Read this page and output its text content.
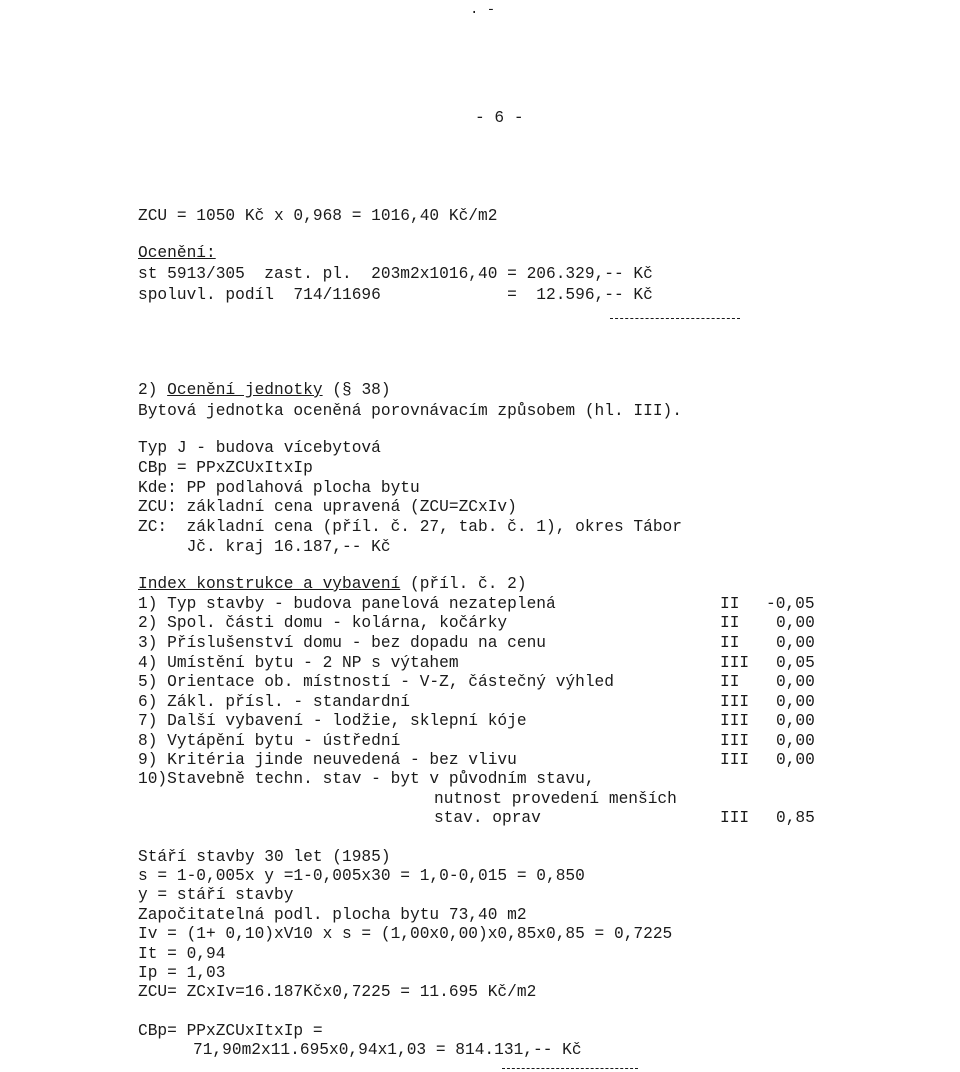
. -
- 6 -
ZCU = 1050 Kč x 0,968 = 1016,40 Kč/m2
Ocenění:
st 5913/305  zast. pl.  203m2x1016,40 = 206.329,-- Kč
spoluvl. podíl  714/11696             =  12.596,-- Kč
2) Ocenění jednotky (§ 38)
Bytová jednotka oceněná porovnávacím způsobem (hl. III).
Typ J - budova vícebytová
CBp = PPxZCUxItxIp
Kde: PP podlahová plocha bytu
ZCU: základní cena upravená (ZCU=ZCxIv)
ZC:  základní cena (příl. č. 27, tab. č. 1), okres Tábor
Jč. kraj 16.187,-- Kč
Index konstrukce a vybavení (příl. č. 2)
1) Typ stavby - budova panelová nezateplená	II -0,05
2) Spol. části domu - kolárna, kočárky	II 0,00
3) Příslušenství domu - bez dopadu na cenu	II 0,00
4) Umístění bytu - 2 NP s výtahem	III 0,05
5) Orientace ob. místností - V-Z, částečný výhled	II 0,00
6) Zákl. přísl. - standardní	III 0,00
7) Další vybavení - lodžie, sklepní kóje	III 0,00
8) Vytápění bytu - ústřední	III 0,00
9) Kritéria jinde neuvedená - bez vlivu	III 0,00
10)Stavebně techn. stav - byt v původním stavu,
nutnost provedení menších
stav. oprav	III 0,85
Stáří stavby 30 let (1985)
s = 1-0,005x y =1-0,005x30 = 1,0-0,015 = 0,850
y = stáří stavby
Započitatelná podl. plocha bytu 73,40 m2
Iv = (1+ 0,10)xV10 x s = (1,00x0,00)x0,85x0,85 = 0,7225
It = 0,94
Ip = 1,03
ZCU= ZCxIv=16.187Kčx0,7225 = 11.695 Kč/m2
CBp= PPxZCUxItxIp =
71,90m2x11.695x0,94x1,03 = 814.131,-- Kč
